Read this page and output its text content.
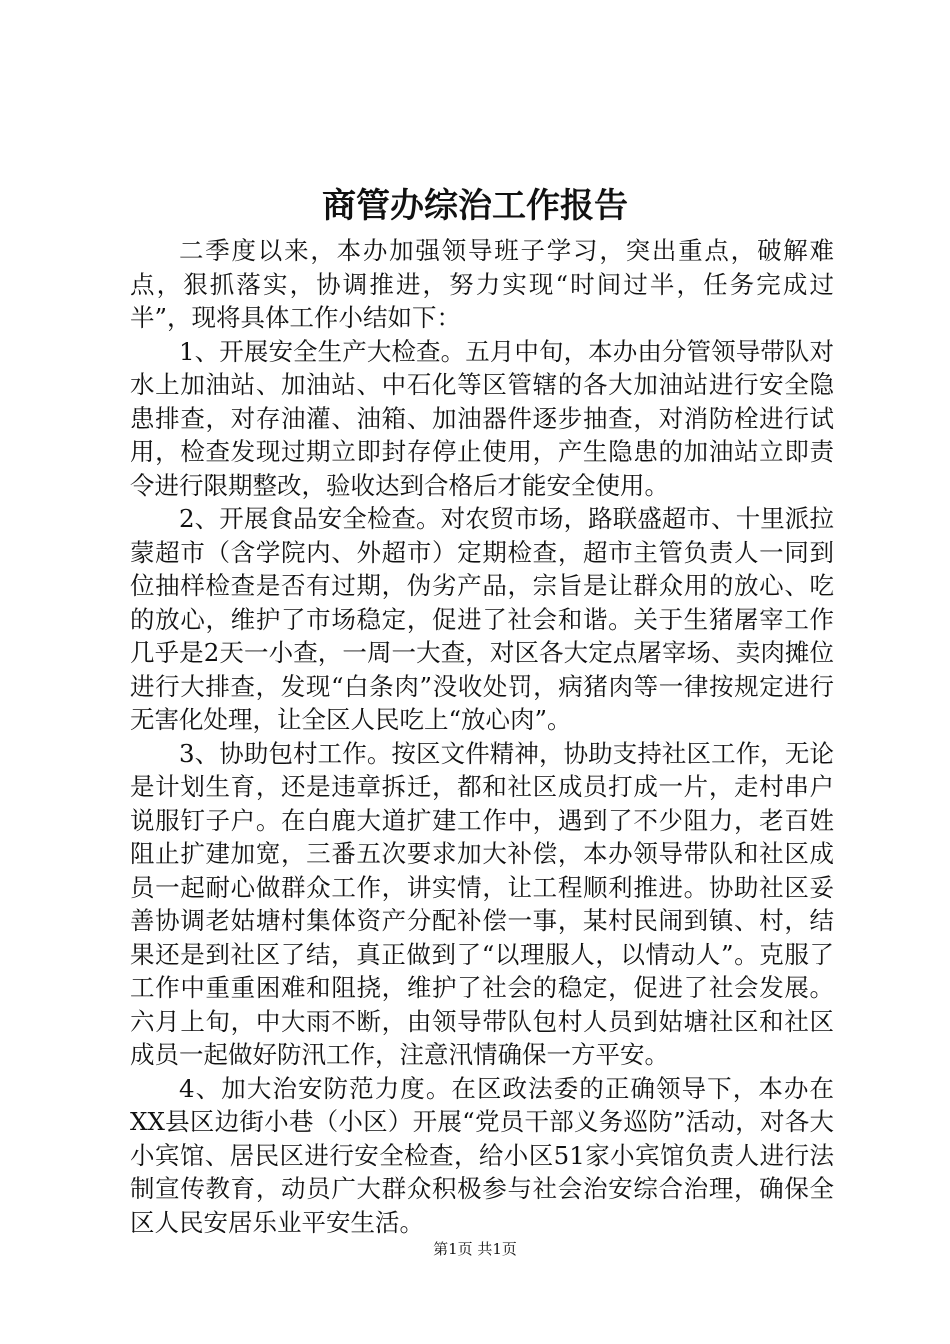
商管办综治工作报告

二季度以来，本办加强领导班子学习，突出重点，破解难点，狠抓落实，协调推进，努力实现“时间过半，任务完成过半”，现将具体工作小结如下：

1、开展安全生产大检查。五月中旬，本办由分管领导带队对水上加油站、加油站、中石化等区管辖的各大加油站进行安全隐患排查，对存油灌、油箱、加油器件逐步抽查，对消防栓进行试用，检查发现过期立即封存停止使用，产生隐患的加油站立即责令进行限期整改，验收达到合格后才能安全使用。

2、开展食品安全检查。对农贸市场，路联盛超市、十里派拉蒙超市（含学院内、外超市）定期检查，超市主管负责人一同到位抽样检查是否有过期，伪劣产品，宗旨是让群众用的放心、吃的放心，维护了市场稳定，促进了社会和谐。关于生猪屠宰工作几乎是2天一小查，一周一大查，对区各大定点屠宰场、卖肉摊位进行大排查，发现“白条肉”没收处罚，病猪肉等一律按规定进行无害化处理，让全区人民吃上“放心肉”。

3、协助包村工作。按区文件精神，协助支持社区工作，无论是计划生育，还是违章拆迁，都和社区成员打成一片，走村串户说服钉子户。在白鹿大道扩建工作中，遇到了不少阻力，老百姓阻止扩建加宽，三番五次要求加大补偿，本办领导带队和社区成员一起耐心做群众工作，讲实情，让工程顺利推进。协助社区妥善协调老姑塘村集体资产分配补偿一事，某村民闹到镇、村，结果还是到社区了结，真正做到了“以理服人，以情动人”。克服了工作中重重困难和阻挠，维护了社会的稳定，促进了社会发展。六月上旬，中大雨不断，由领导带队包村人员到姑塘社区和社区成员一起做好防汛工作，注意汛情确保一方平安。

4、加大治安防范力度。在区政法委的正确领导下，本办在XX县区边街小巷（小区）开展“党员干部义务巡防”活动，对各大小宾馆、居民区进行安全检查，给小区51家小宾馆负责人进行法制宣传教育，动员广大群众积极参与社会治安综合治理，确保全区人民安居乐业平安生活。

第1页 共1页
